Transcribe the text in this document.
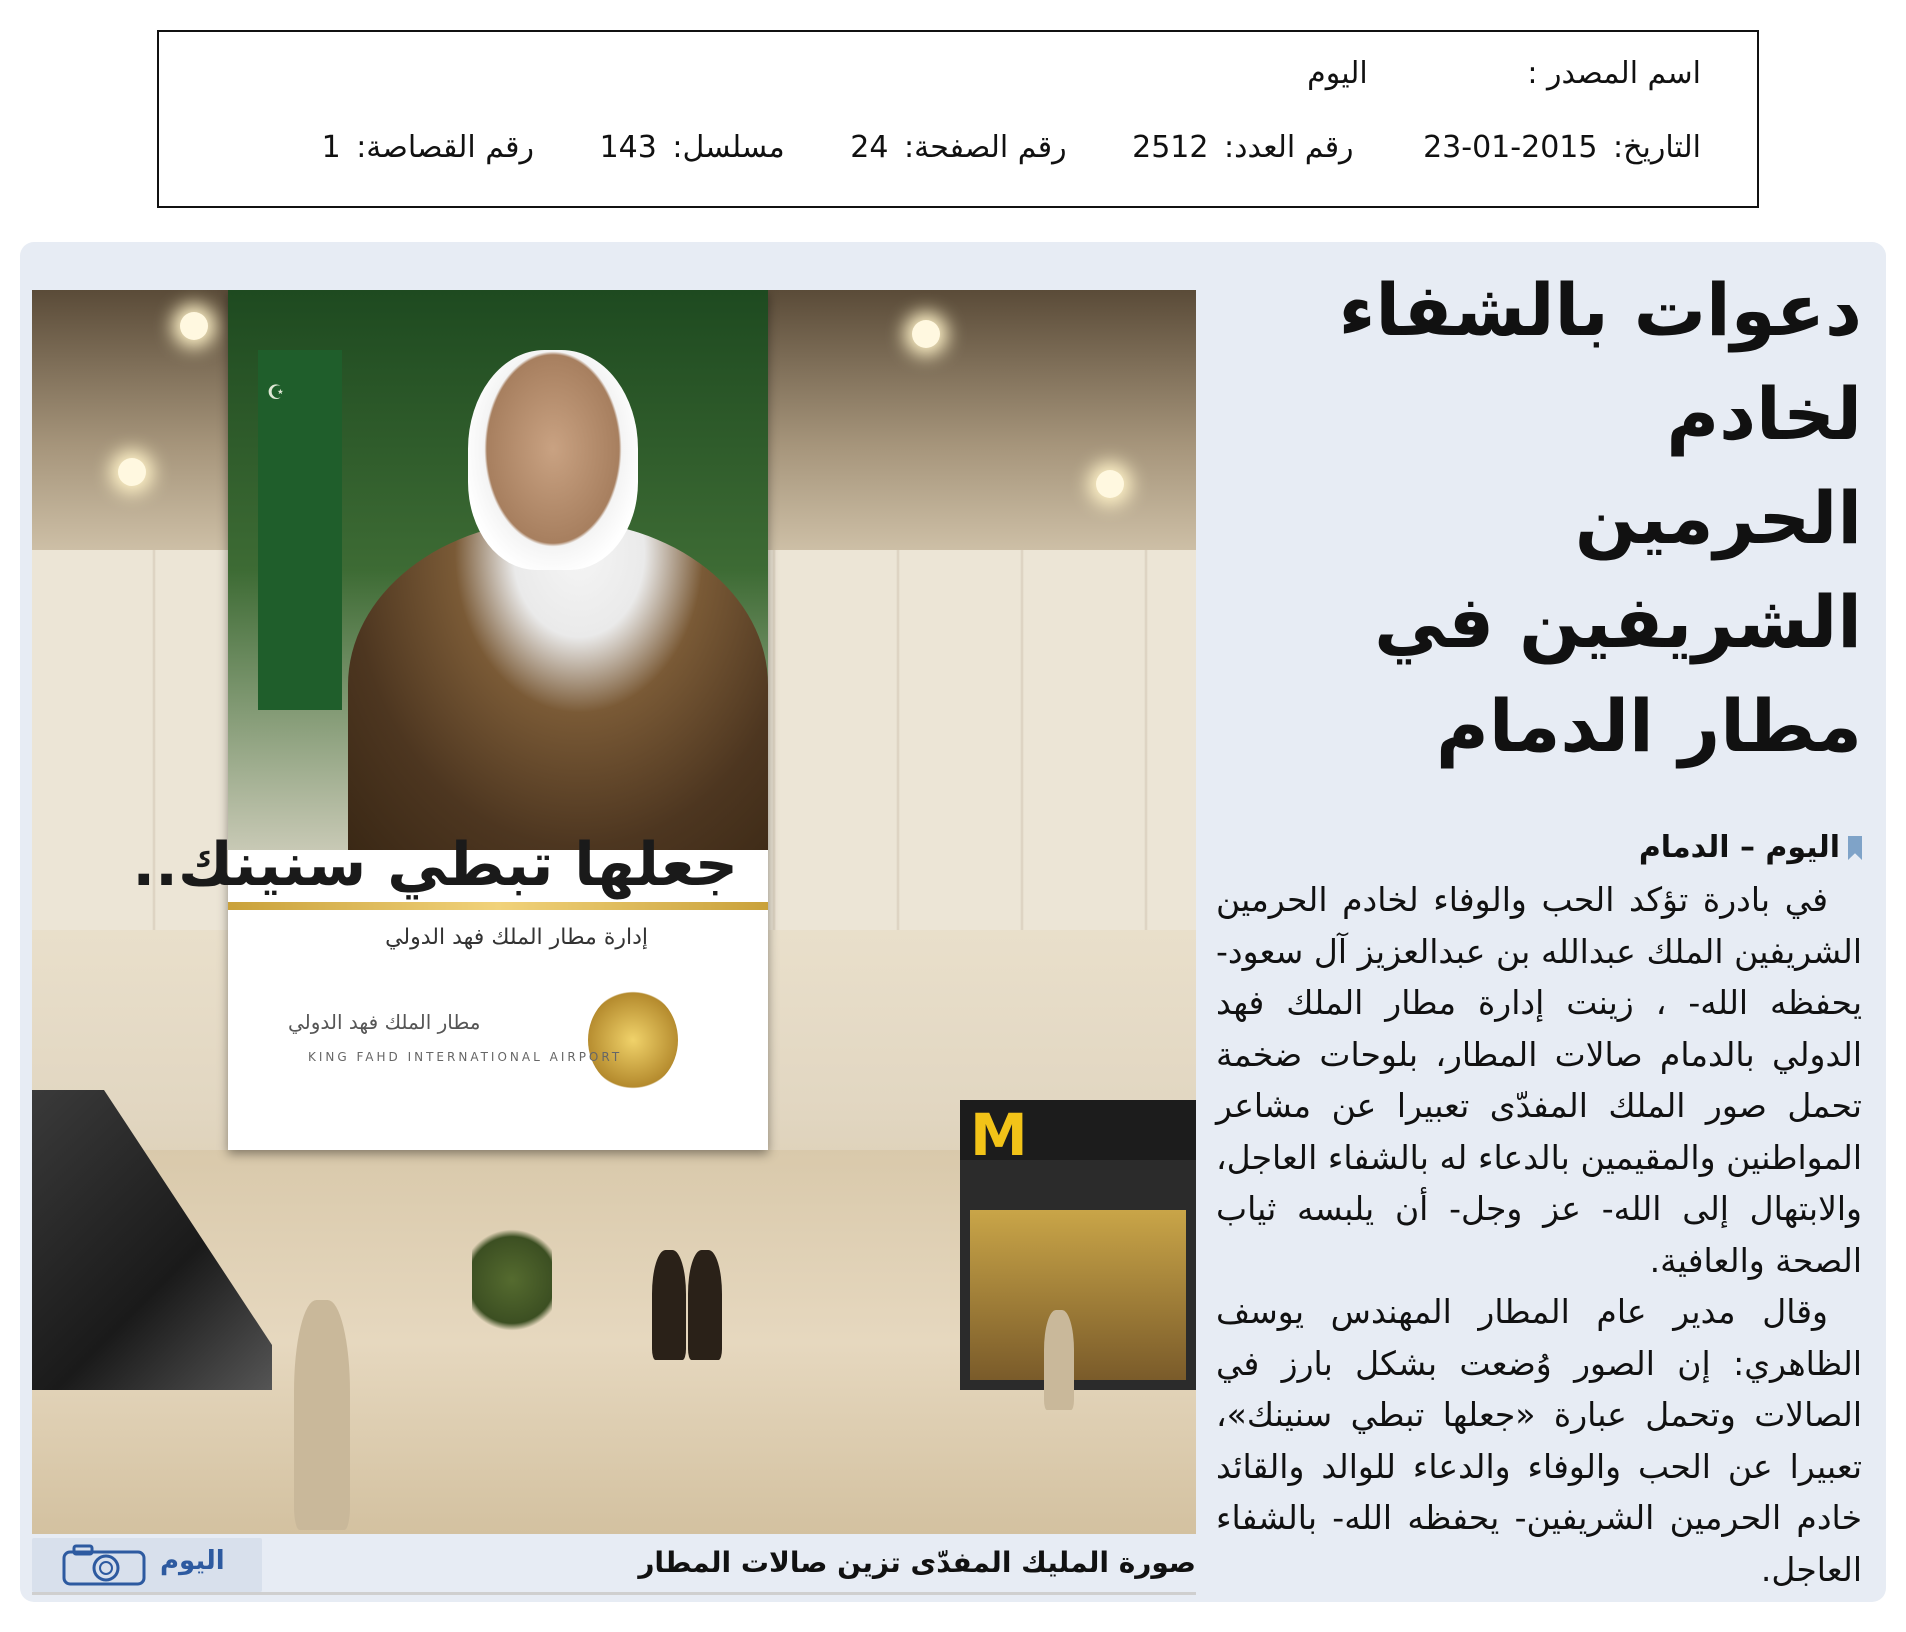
اسم المصدر : اليوم
التاريخ: 2015-01-23 رقم العدد: 2512 رقم الصفحة: 24 مسلسل: 143 رقم القصاصة: 1
M
☪
جعلها تبطي سنينك..
إدارة مطار الملك فهد الدولي
مطار الملك فهد الدولي
KING FAHD INTERNATIONAL AIRPORT
اليوم	صورة المليك المفدّى تزين صالات المطار
دعوات بالشفاء لخادم
الحرمين الشريفين في
مطار الدمام
اليوم – الدمام

في بادرة تؤكد الحب والوفاء لخادم الحرمين الشريفين الملك عبدالله بن عبدالعزيز آل سعود- يحفظه الله- ، زينت إدارة مطار الملك فهد الدولي بالدمام صالات المطار، بلوحات ضخمة تحمل صور الملك المفدّى تعبيرا عن مشاعر المواطنين والمقيمين بالدعاء له بالشفاء العاجل، والابتهال إلى الله- عز وجل- أن يلبسه ثياب الصحة والعافية.

وقال مدير عام المطار المهندس يوسف الظاهري: إن الصور وُضعت بشكل بارز في الصالات وتحمل عبارة «جعلها تبطي سنينك»، تعبيرا عن الحب والوفاء والدعاء للوالد والقائد خادم الحرمين الشريفين- يحفظه الله- بالشفاء العاجل.
